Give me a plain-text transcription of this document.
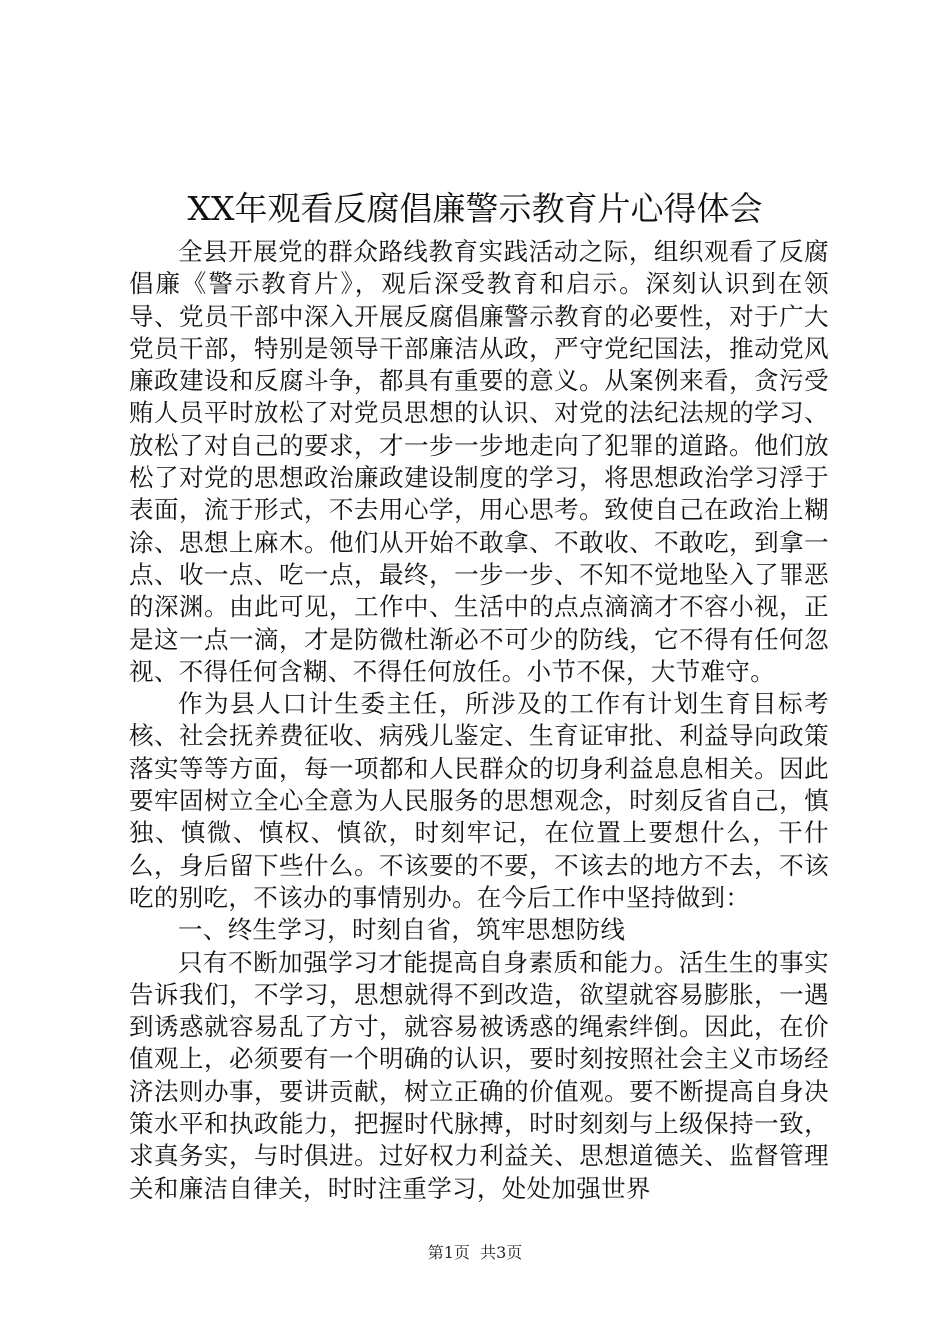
XX年观看反腐倡廉警示教育片心得体会

全县开展党的群众路线教育实践活动之际，组织观看了反腐倡廉《警示教育片》，观后深受教育和启示。深刻认识到在领导、党员干部中深入开展反腐倡廉警示教育的必要性，对于广大党员干部，特别是领导干部廉洁从政，严守党纪国法，推动党风廉政建设和反腐斗争，都具有重要的意义。从案例来看，贪污受贿人员平时放松了对党员思想的认识、对党的法纪法规的学习、放松了对自己的要求，才一步一步地走向了犯罪的道路。他们放松了对党的思想政治廉政建设制度的学习，将思想政治学习浮于表面，流于形式，不去用心学，用心思考。致使自己在政治上糊涂、思想上麻木。他们从开始不敢拿、不敢收、不敢吃，到拿一点、收一点、吃一点，最终，一步一步、不知不觉地坠入了罪恶的深渊。由此可见，工作中、生活中的点点滴滴才不容小视，正是这一点一滴，才是防微杜渐必不可少的防线，它不得有任何忽视、不得任何含糊、不得任何放任。小节不保，大节难守。

作为县人口计生委主任，所涉及的工作有计划生育目标考核、社会抚养费征收、病残儿鉴定、生育证审批、利益导向政策落实等等方面，每一项都和人民群众的切身利益息息相关。因此要牢固树立全心全意为人民服务的思想观念，时刻反省自己，慎独、慎微、慎权、慎欲，时刻牢记，在位置上要想什么，干什么，身后留下些什么。不该要的不要，不该去的地方不去，不该吃的别吃，不该办的事情别办。在今后工作中坚持做到：

一、终生学习，时刻自省，筑牢思想防线

只有不断加强学习才能提高自身素质和能力。活生生的事实告诉我们，不学习，思想就得不到改造，欲望就容易膨胀，一遇到诱惑就容易乱了方寸，就容易被诱惑的绳索绊倒。因此，在价值观上，必须要有一个明确的认识，要时刻按照社会主义市场经济法则办事，要讲贡献，树立正确的价值观。要不断提高自身决策水平和执政能力，把握时代脉搏，时时刻刻与上级保持一致，求真务实，与时俱进。过好权力利益关、思想道德关、监督管理关和廉洁自律关，时时注重学习，处处加强世界

第1页 共3页
